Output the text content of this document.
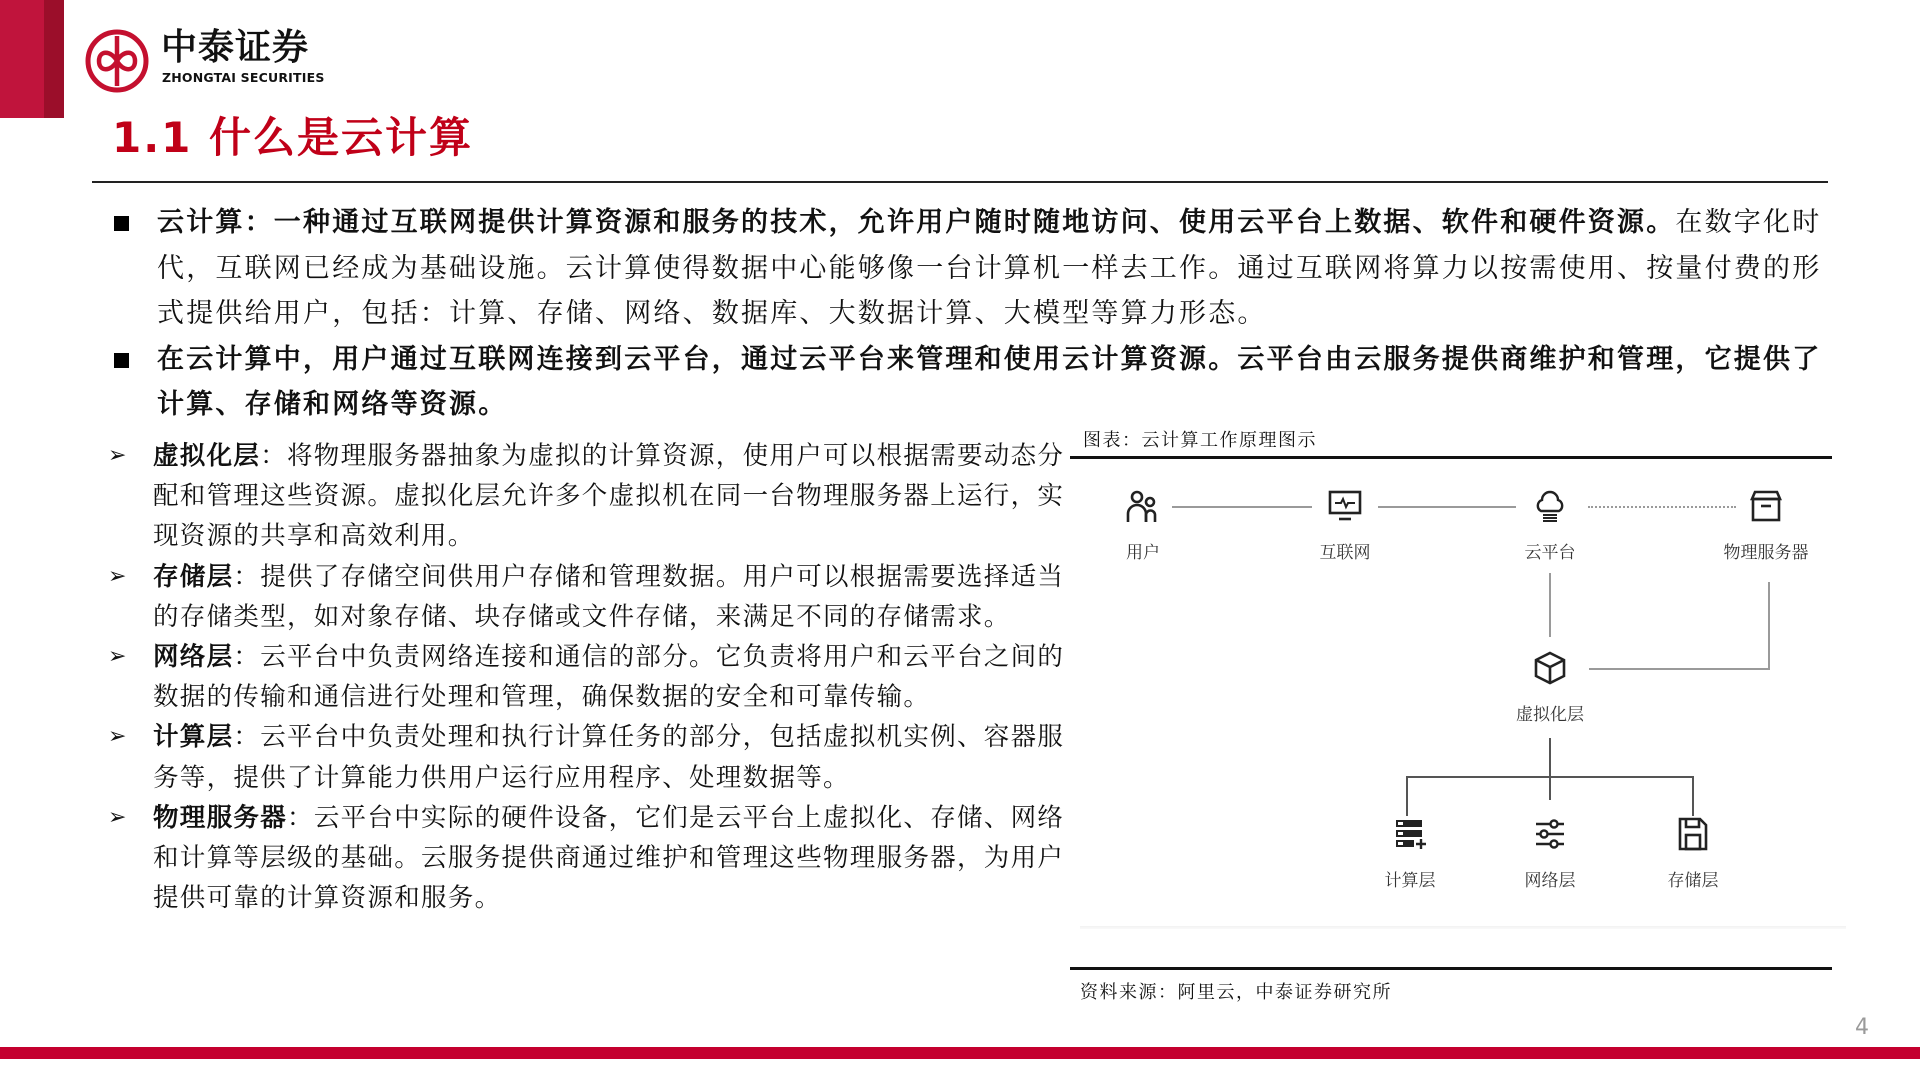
中泰证券
ZHONGTAI SECURITIES
1.1 什么是云计算
云计算：一种通过互联网提供计算资源和服务的技术，允许用户随时随地访问、使用云平台上数据、软件和硬件资源。在数字化时代，互联网已经成为基础设施。云计算使得数据中心能够像一台计算机一样去工作。通过互联网将算力以按需使用、按量付费的形式提供给用户，包括：计算、存储、网络、数据库、大数据计算、大模型等算力形态。
在云计算中，用户通过互联网连接到云平台，通过云平台来管理和使用云计算资源。云平台由云服务提供商维护和管理，它提供了计算、存储和网络等资源。
➢ 虚拟化层：将物理服务器抽象为虚拟的计算资源，使用户可以根据需要动态分配和管理这些资源。虚拟化层允许多个虚拟机在同一台物理服务器上运行，实现资源的共享和高效利用。
➢ 存储层：提供了存储空间供用户存储和管理数据。用户可以根据需要选择适当的存储类型，如对象存储、块存储或文件存储，来满足不同的存储需求。
➢ 网络层：云平台中负责网络连接和通信的部分。它负责将用户和云平台之间的数据的传输和通信进行处理和管理，确保数据的安全和可靠传输。
➢ 计算层：云平台中负责处理和执行计算任务的部分，包括虚拟机实例、容器服务等，提供了计算能力供用户运行应用程序、处理数据等。
➢ 物理服务器：云平台中实际的硬件设备，它们是云平台上虚拟化、存储、网络和计算等层级的基础。云服务提供商通过维护和管理这些物理服务器，为用户提供可靠的计算资源和服务。
图表：云计算工作原理图示
用户	互联网	云平台	物理服务器
虚拟化层
计算层	网络层	存储层
资料来源：阿里云，中泰证券研究所
4
